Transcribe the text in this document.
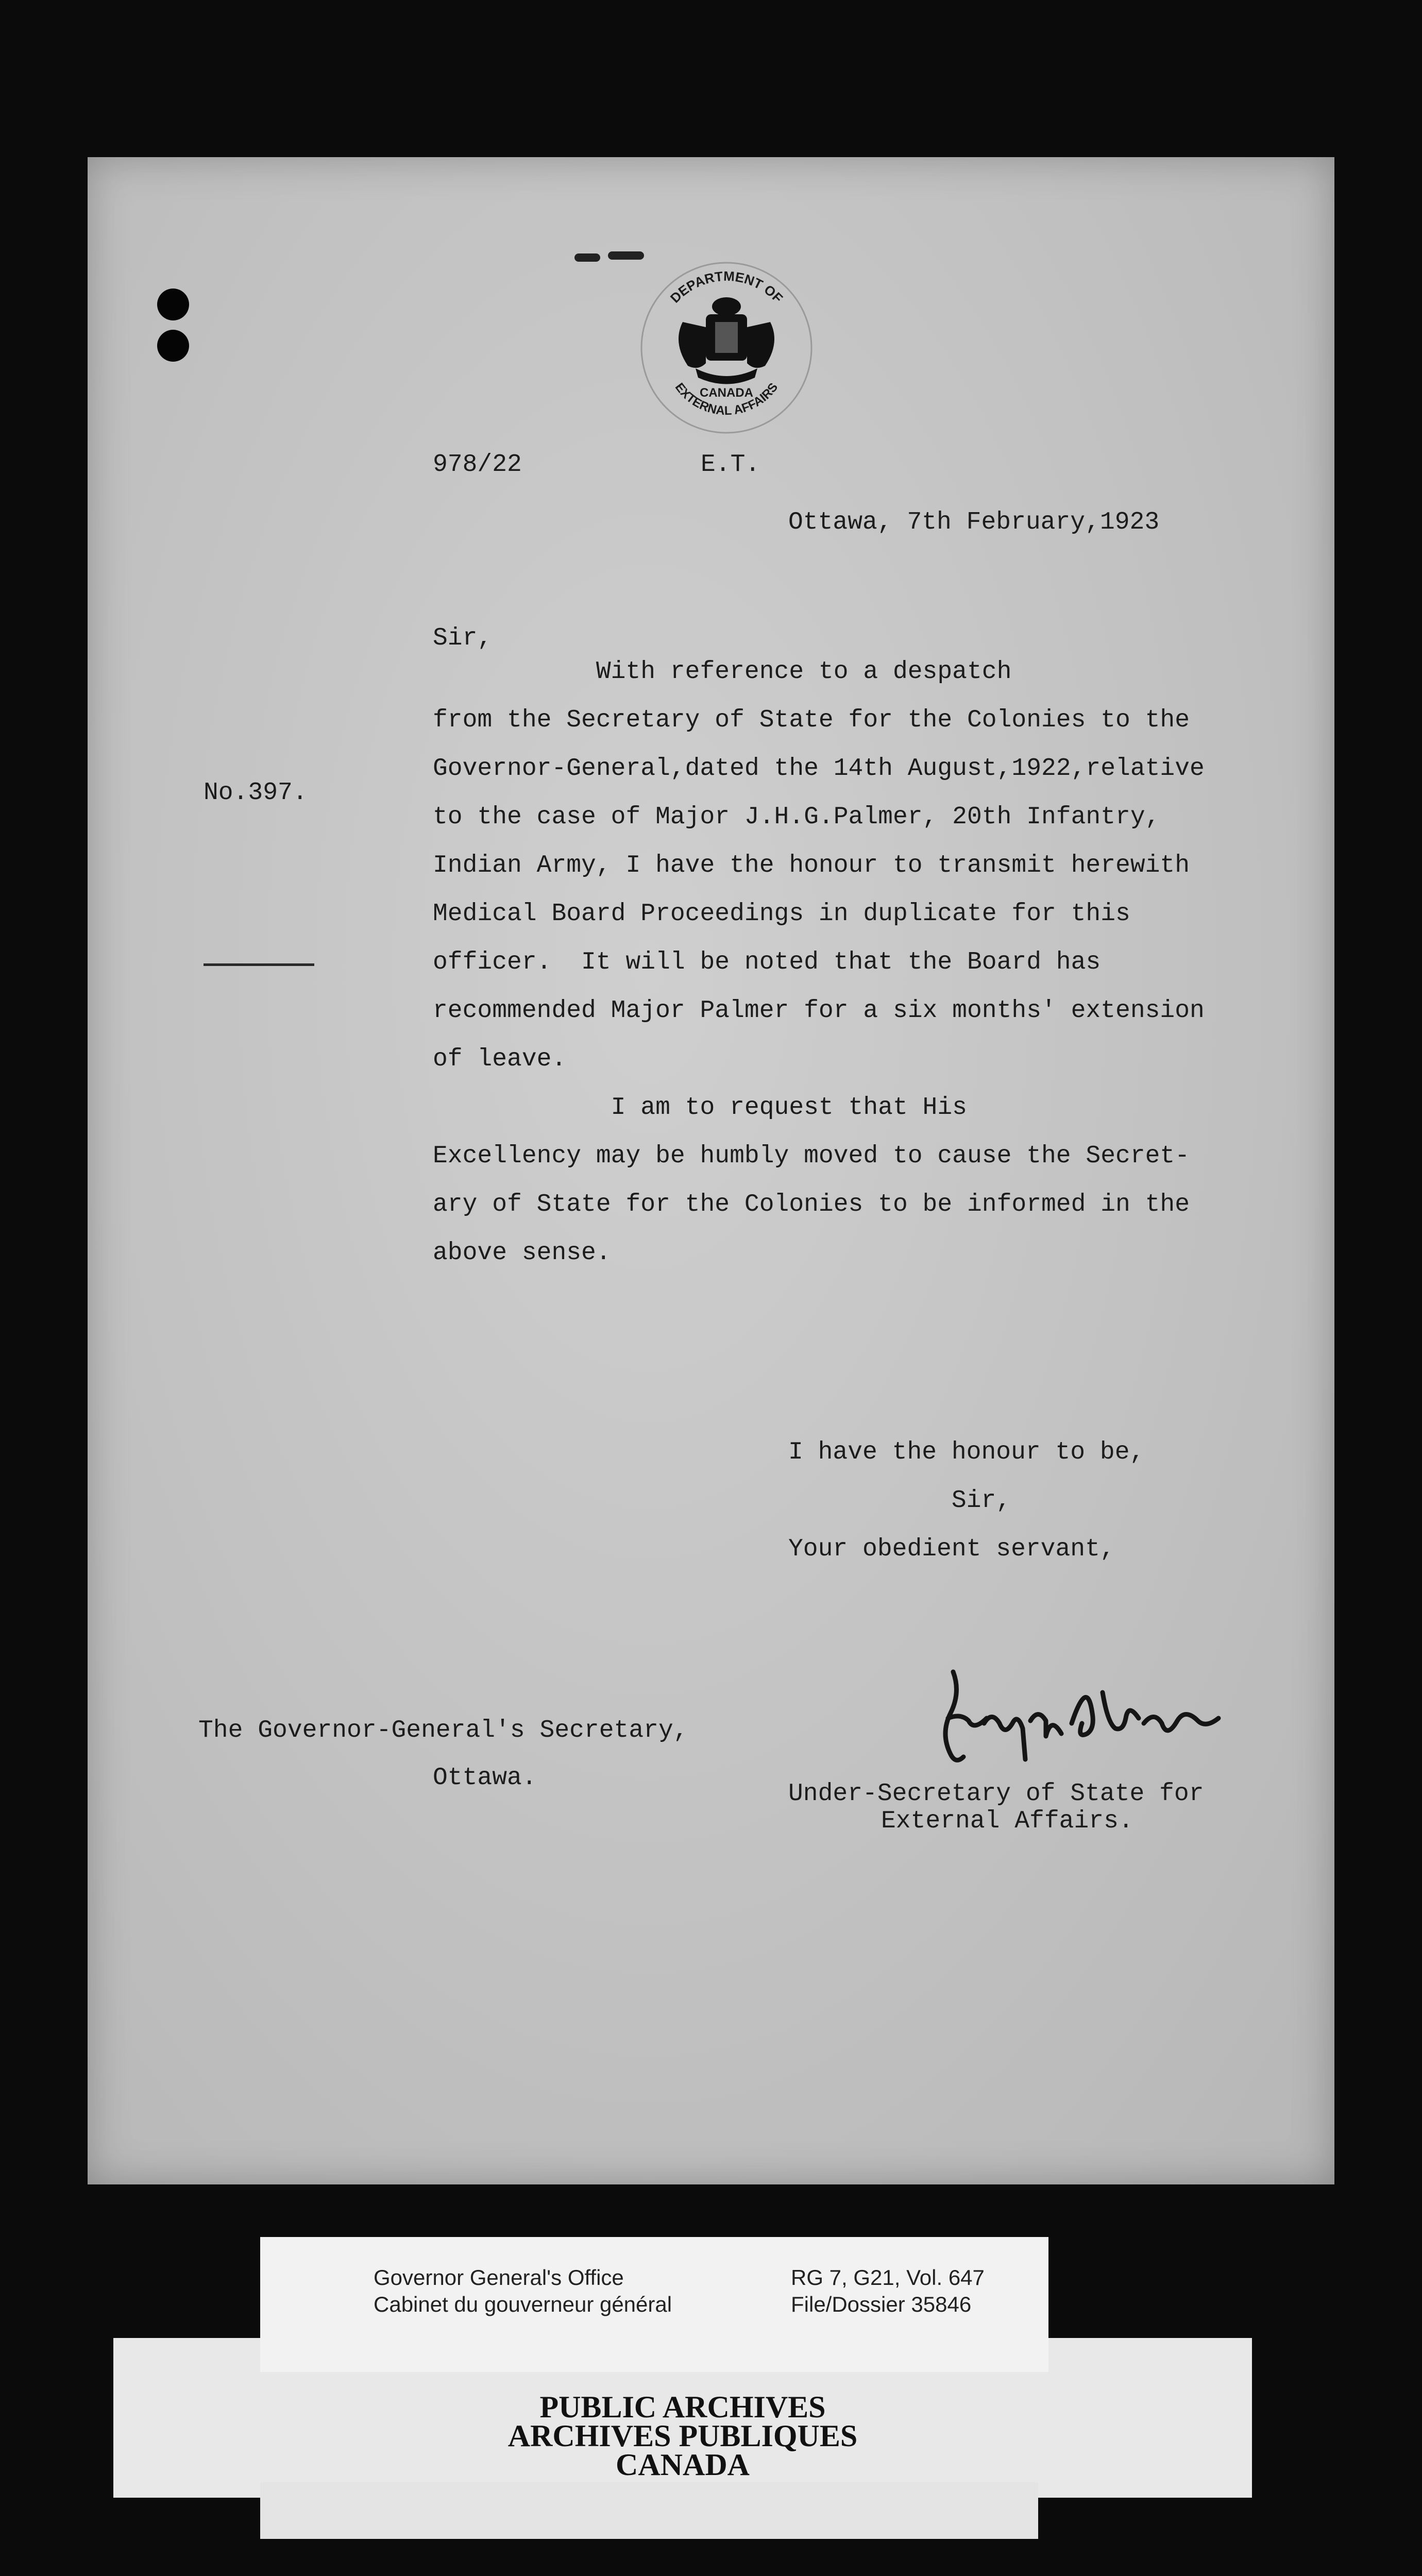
DEPARTMENT OF
EXTERNAL AFFAIRS
CANADA
978/22	E.T.
Ottawa, 7th February,1923
Sir,
No.397.
With reference to a despatch
from the Secretary of State for the Colonies to the
Governor-General,dated the 14th August,1922,relative
to the case of Major J.H.G.Palmer, 20th Infantry,
Indian Army, I have the honour to transmit herewith
Medical Board Proceedings in duplicate for this
officer.  It will be noted that the Board has
recommended Major Palmer for a six months' extension
of leave.
I am to request that His
Excellency may be humbly moved to cause the Secret-
ary of State for the Colonies to be informed in the
above sense.
I have the honour to be,
Sir,
Your obedient servant,
The Governor-General's Secretary,
Ottawa.
Under-Secretary of State for
External Affairs.
PUBLIC ARCHIVES
ARCHIVES PUBLIQUES
CANADA
Governor General's Office
Cabinet du gouverneur général
RG 7, G21, Vol. 647
File/Dossier 35846
